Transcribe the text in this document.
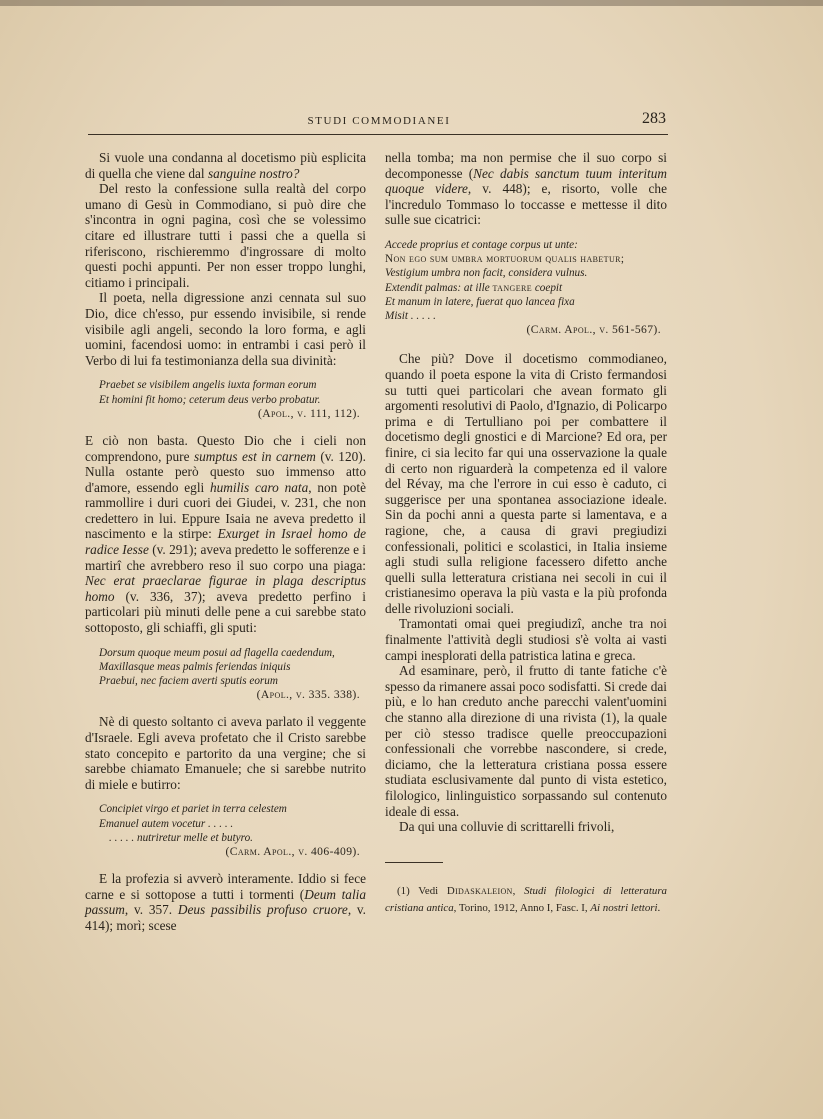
STUDI COMMODIANEI	283

Si vuole una condanna al docetismo più esplicita di quella che viene dal sanguine nostro?

Del resto la confessione sulla realtà del corpo umano di Gesù in Commodiano, si può dire che s'incontra in ogni pagina, così che se volessimo citare ed illustrare tutti i passi che a quella si riferiscono, rischieremmo d'ingrossare di molto questi pochi appunti. Per non esser troppo lunghi, citiamo i principali.

Il poeta, nella digressione anzi cennata sul suo Dio, dice ch'esso, pur essendo invisibile, si rende visibile agli angeli, secondo la loro forma, e agli uomini, facendosi uomo: in entrambi i casi però il Verbo di lui fa testimonianza della sua divinità:

Praebet se visibilem angelis iuxta forman eorum
Et homini fit homo; ceterum deus verbo probatur.
(Apol., v. 111, 112).

E ciò non basta. Questo Dio che i cieli non comprendono, pure sumptus est in carnem (v. 120). Nulla ostante però questo suo immenso atto d'amore, essendo egli humilis caro nata, non potè rammollire i duri cuori dei Giudei, v. 231, che non credettero in lui. Eppure Isaia ne aveva predetto il nascimento e la stirpe: Exurget in Israel homo de radice Iesse (v. 291); aveva predetto le sofferenze e i martirî che avrebbero reso il suo corpo una piaga: Nec erat praeclarae figurae in plaga descriptus homo (v. 336, 37); aveva predetto perfino i particolari più minuti delle pene a cui sarebbe stato sottoposto, gli schiaffi, gli sputi:

Dorsum quoque meum posui ad flagella caedendum,
Maxillasque meas palmis feriendas iniquis
Praebui, nec faciem averti sputis eorum
(Apol., v. 335. 338).

Nè di questo soltanto ci aveva parlato il veggente d'Israele. Egli aveva profetato che il Cristo sarebbe stato concepito e partorito da una vergine; che si sarebbe chiamato Emanuele; che si sarebbe nutrito di miele e butirro:

Concipiet virgo et pariet in terra celestem
Emanuel autem vocetur . . . . .
. . . . . nutriretur melle et butyro.
(Carm. Apol., v. 406-409).

E la profezia si avverò interamente. Iddio si fece carne e si sottopose a tutti i tormenti (Deum talia passum, v. 357. Deus passibilis profuso cruore, v. 414); morì; scese

nella tomba; ma non permise che il suo corpo si decomponesse (Nec dabis sanctum tuum interitum quoque videre, v. 448); e, risorto, volle che l'incredulo Tommaso lo toccasse e mettesse il dito sulle sue cicatrici:

Accede proprius et contage corpus ut unte:
Non ego sum umbra mortuorum qualis habetur;
Vestigium umbra non facit, considera vulnus.
Extendit palmas: at ille tangere coepit
Et manum in latere, fuerat quo lancea fixa
Misit . . . . .
(Carm. Apol., v. 561-567).

Che più? Dove il docetismo commodianeo, quando il poeta espone la vita di Cristo fermandosi su tutti quei particolari che avean formato gli argomenti resolutivi di Paolo, d'Ignazio, di Policarpo prima e di Tertulliano poi per combattere il docetismo degli gnostici e di Marcione? Ed ora, per finire, ci sia lecito far qui una osservazione la quale di certo non riguarderà la competenza ed il valore del Révay, ma che l'errore in cui esso è caduto, ci suggerisce per una spontanea associazione ideale. Sin da pochi anni a questa parte si lamentava, e a ragione, che, a causa di gravi pregiudizi confessionali, politici e scolastici, in Italia insieme agli studi sulla religione facessero difetto anche quelli sulla letteratura cristiana nei secoli in cui il cristianesimo operava la più vasta e la più profonda delle rivoluzioni sociali.

Tramontati omai quei pregiudizî, anche tra noi finalmente l'attività degli studiosi s'è volta ai vasti campi inesplorati della patristica latina e greca.

Ad esaminare, però, il frutto di tante fatiche c'è spesso da rimanere assai poco sodisfatti. Si crede dai più, e lo han creduto anche parecchi valent'uomini che stanno alla direzione di una rivista (1), la quale per ciò stesso tradisce quelle preoccupazioni confessionali che vorrebbe nascondere, si crede, diciamo, che la letteratura cristiana possa essere studiata esclusivamente dal punto di vista estetico, filologico, linlinguistico sorpassando sul contenuto ideale di essa.

Da qui una colluvie di scrittarelli frivoli,

(1) Vedi Didaskaleion, Studi filologici di letteratura cristiana antica, Torino, 1912, Anno I, Fasc. I, Ai nostri lettori.
